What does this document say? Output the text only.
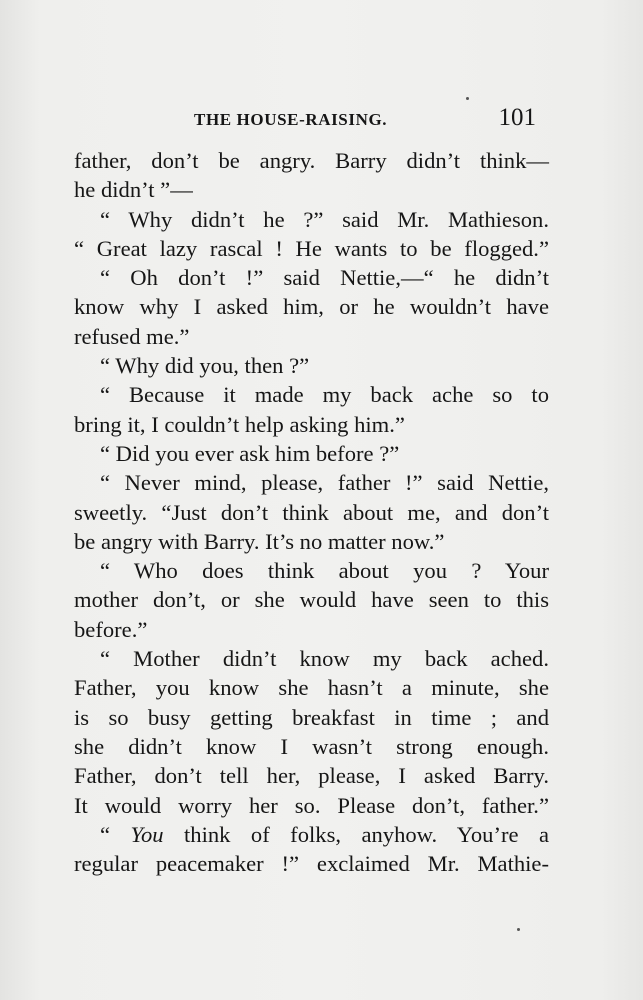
THE HOUSE-RAISING.	101
father, don’t be angry. Barry didn’t think—
he didn’t ”—
“ Why didn’t he ?” said Mr. Mathieson.
“ Great lazy rascal ! He wants to be flogged.”
“ Oh don’t !” said Nettie,—“ he didn’t
know why I asked him, or he wouldn’t have
refused me.”
“ Why did you, then ?”
“ Because it made my back ache so to
bring it, I couldn’t help asking him.”
“ Did you ever ask him before ?”
“ Never mind, please, father !” said Nettie,
sweetly. “Just don’t think about me, and don’t
be angry with Barry. It’s no matter now.”
“ Who does think about you ? Your
mother don’t, or she would have seen to this
before.”
“ Mother didn’t know my back ached.
Father, you know she hasn’t a minute, she
is so busy getting breakfast in time ; and
she didn’t know I wasn’t strong enough.
Father, don’t tell her, please, I asked Barry.
It would worry her so. Please don’t, father.”
“ You think of folks, anyhow. You’re a
regular peacemaker !” exclaimed Mr. Mathie-
